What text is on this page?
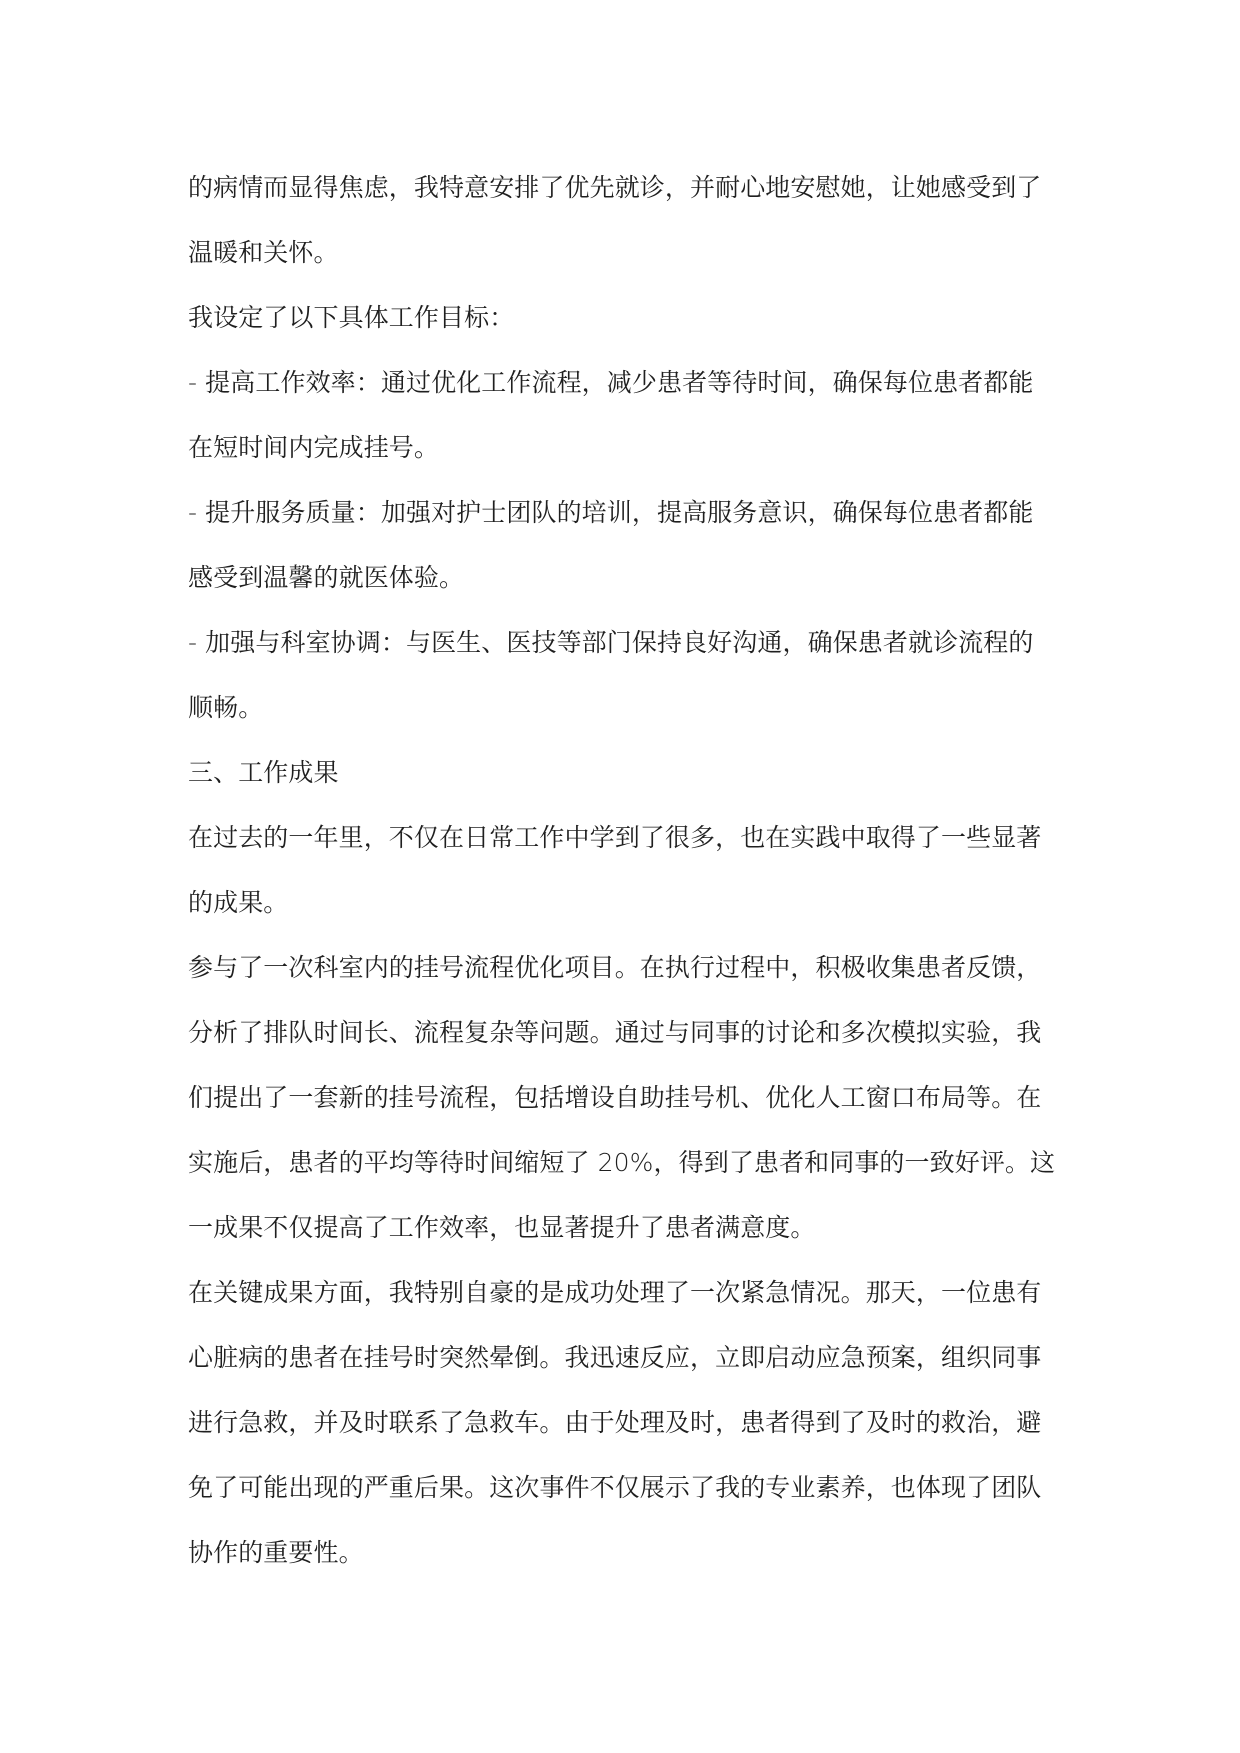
的病情而显得焦虑，我特意安排了优先就诊，并耐心地安慰她，让她感受到了温暖和关怀。

我设定了以下具体工作目标：

- 提高工作效率：通过优化工作流程，减少患者等待时间，确保每位患者都能在短时间内完成挂号。

- 提升服务质量：加强对护士团队的培训，提高服务意识，确保每位患者都能感受到温馨的就医体验。

- 加强与科室协调：与医生、医技等部门保持良好沟通，确保患者就诊流程的顺畅。

三、工作成果

在过去的一年里，不仅在日常工作中学到了很多，也在实践中取得了一些显著的成果。

参与了一次科室内的挂号流程优化项目。在执行过程中，积极收集患者反馈，分析了排队时间长、流程复杂等问题。通过与同事的讨论和多次模拟实验，我们提出了一套新的挂号流程，包括增设自助挂号机、优化人工窗口布局等。在实施后，患者的平均等待时间缩短了 20%，得到了患者和同事的一致好评。这一成果不仅提高了工作效率，也显著提升了患者满意度。

在关键成果方面，我特别自豪的是成功处理了一次紧急情况。那天，一位患有心脏病的患者在挂号时突然晕倒。我迅速反应，立即启动应急预案，组织同事进行急救，并及时联系了急救车。由于处理及时，患者得到了及时的救治，避免了可能出现的严重后果。这次事件不仅展示了我的专业素养，也体现了团队协作的重要性。
